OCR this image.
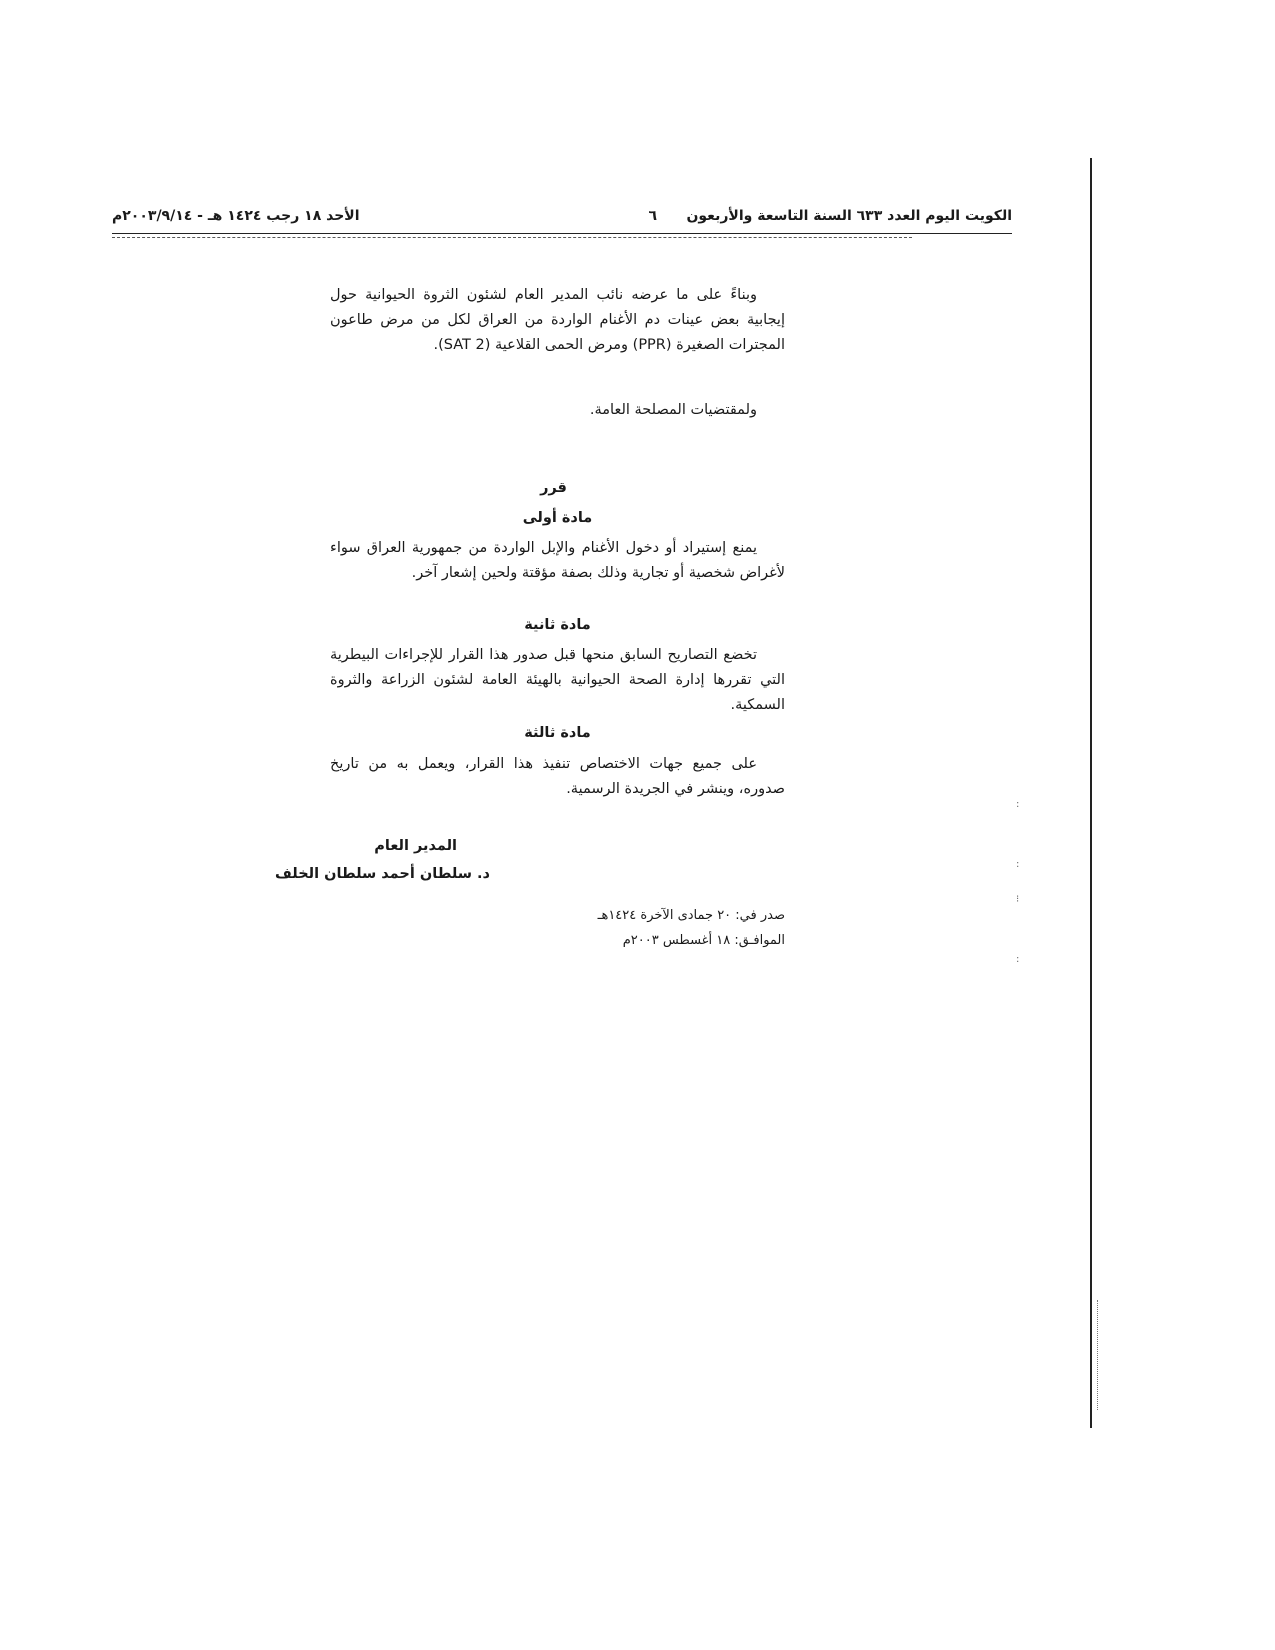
الكويت اليوم العدد ٦٣٣ السنة التاسعة والأربعون
٦
الأحد ١٨ رجب ١٤٢٤ هـ - ٢٠٠٣/٩/١٤م
:
:
⁝
:

وبناءً على ما عرضه نائب المدير العام لشئون الثروة الحيوانية حول إيجابية بعض عينات دم الأغنام الواردة من العراق لكل من مرض طاعون المجترات الصغيرة (PPR) ومرض الحمى القلاعية (SAT 2).

ولمقتضيات المصلحة العامة.

قرر
مادة أولى

يمنع إستيراد أو دخول الأغنام والإبل الواردة من جمهورية العراق سواء لأغراض شخصية أو تجارية وذلك بصفة مؤقتة ولحين إشعار آخر.

مادة ثانية

تخضع التصاريح السابق منحها قبل صدور هذا القرار للإجراءات البيطرية التي تقررها إدارة الصحة الحيوانية بالهيئة العامة لشئون الزراعة والثروة السمكية.

مادة ثالثة

على جميع جهات الاختصاص تنفيذ هذا القرار، ويعمل به من تاريخ صدوره، وينشر في الجريدة الرسمية.

المدير العام
د. سلطان أحمد سلطان الخلف
صدر في: ٢٠ جمادى الآخرة ١٤٢٤هـ
الموافـق: ١٨ أغسطس ٢٠٠٣م
